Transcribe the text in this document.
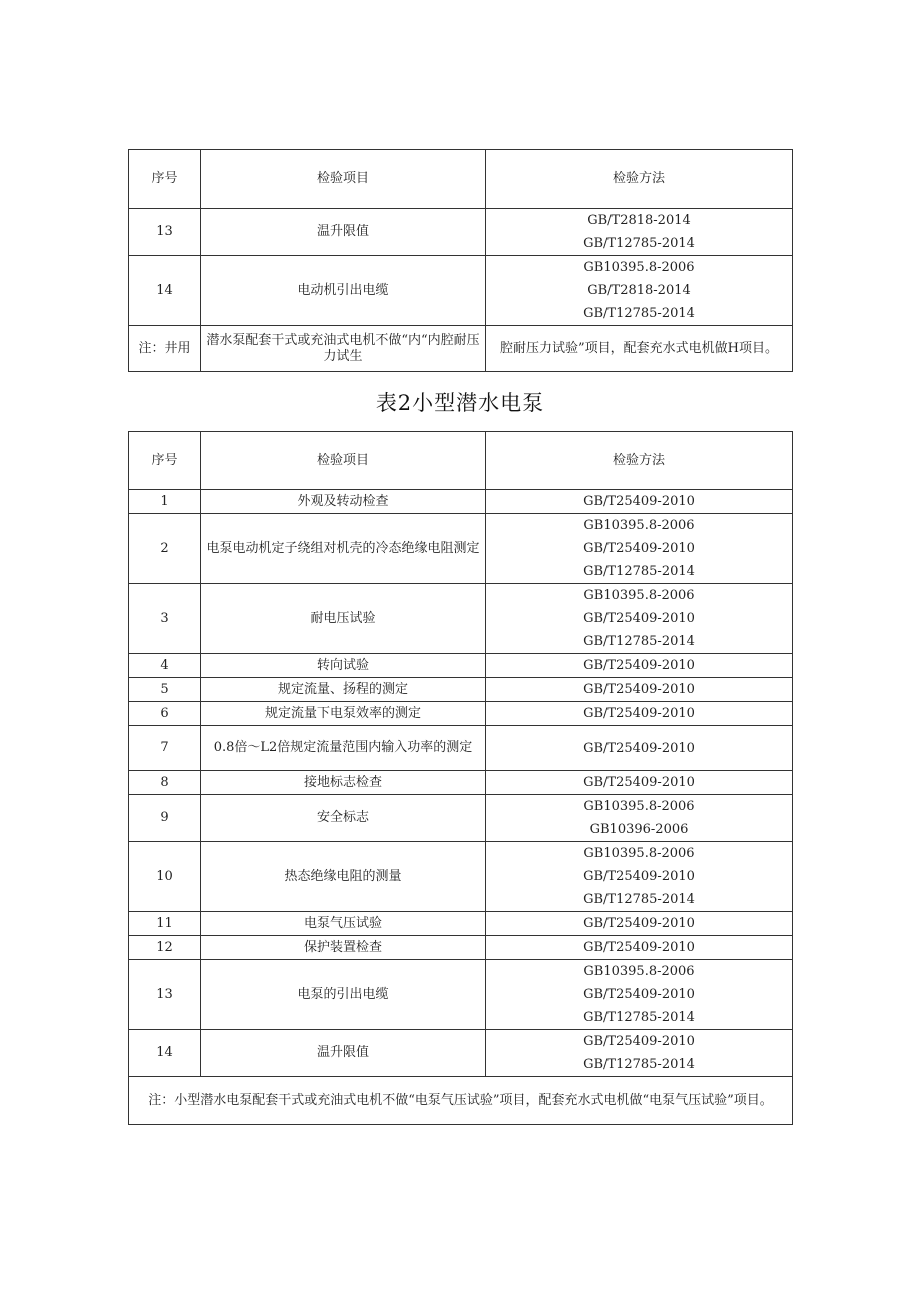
序号	检验项目	检验方法
13	温升限值	GB/T2818-2014
GB/T12785-2014

14	电动机引出电缆	GB10395.8-2006
GB/T2818-2014
GB/T12785-2014

注：井用	潜水泵配套干式或充油式电机不做“内“内腔耐压力试生	腔耐压力试验”项目，配套充水式电机做H项目。
表2小型潜水电泵
序号	检验项目	检验方法
1	外观及转动检查	GB/T25409-2010

2	电泵电动机定子绕组对机壳的冷态绝缘电阻测定	GB10395.8-2006
GB/T25409-2010
GB/T12785-2014

3	耐电压试验	GB10395.8-2006
GB/T25409-2010
GB/T12785-2014

4	转向试验	GB/T25409-2010

5	规定流量、扬程的测定	GB/T25409-2010

6	规定流量下电泵效率的测定	GB/T25409-2010

7	0.8倍～L2倍规定流量范围内输入功率的测定	GB/T25409-2010

8	接地标志检查	GB/T25409-2010

9	安全标志	GB10395.8-2006
GB10396-2006

10	热态绝缘电阻的测量	GB10395.8-2006
GB/T25409-2010
GB/T12785-2014

11	电泵气压试验	GB/T25409-2010

12	保护装置检查	GB/T25409-2010

13	电泵的引出电缆	GB10395.8-2006
GB/T25409-2010
GB/T12785-2014

14	温升限值	GB/T25409-2010
GB/T12785-2014

注：小型潜水电泵配套干式或充油式电机不做“电泵气压试验”项目，配套充水式电机做“电泵气压试验”项目。		
